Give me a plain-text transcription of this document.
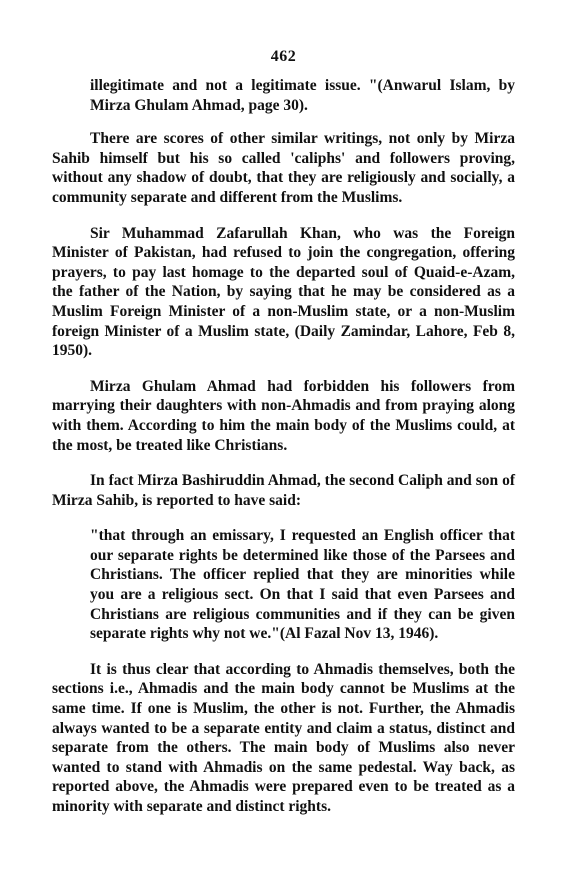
462
illegitimate and not a legitimate issue. "(Anwarul Islam, by Mirza Ghulam Ahmad, page 30).

There are scores of other similar writings, not only by Mirza Sahib himself but his so called 'caliphs' and followers proving, without any shadow of doubt, that they are religiously and socially, a community separate and different from the Muslims.

Sir Muhammad Zafarullah Khan, who was the Foreign Minister of Pakistan, had refused to join the congregation, offering prayers, to pay last homage to the departed soul of Quaid-e-Azam, the father of the Nation, by saying that he may be considered as a Muslim Foreign Minister of a non-Muslim state, or a non-Muslim foreign Minister of a Muslim state, (Daily Zamindar, Lahore, Feb 8, 1950).

Mirza Ghulam Ahmad had forbidden his followers from marrying their daughters with non-Ahmadis and from praying along with them. According to him the main body of the Muslims could, at the most, be treated like Christians.

In fact Mirza Bashiruddin Ahmad, the second Caliph and son of Mirza Sahib, is reported to have said:

"that through an emissary, I requested an English officer that our separate rights be determined like those of the Parsees and Christians. The officer replied that they are minorities while you are a religious sect. On that I said that even Parsees and Christians are religious communities and if they can be given separate rights why not we."(Al Fazal Nov 13, 1946).

It is thus clear that according to Ahmadis themselves, both the sections i.e., Ahmadis and the main body cannot be Muslims at the same time. If one is Muslim, the other is not. Further, the Ahmadis always wanted to be a separate entity and claim a status, distinct and separate from the others. The main body of Muslims also never wanted to stand with Ahmadis on the same pedestal. Way back, as reported above, the Ahmadis were prepared even to be treated as a minority with separate and distinct rights.
